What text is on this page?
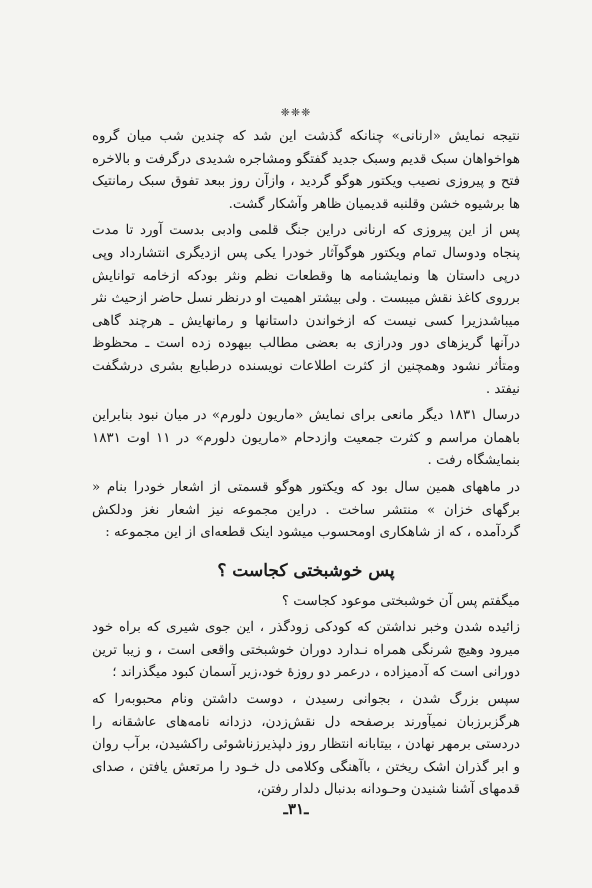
❈❈❈

نتیجه نمایش «ارنانی» چنانکه گذشت این شد که چندین شب میان گروه هواخواهان سبک قدیم وسبک جدید گفتگو ومشاجره شدیدی درگرفت و بالاخره فتح و پیروزی نصیب ویکتور هوگو گردید ، وازآن روز ببعد تفوق سبک رمانتیک ها برشیوه خشن وقلنبه قدیمیان ظاهر وآشکار گشت.

پس از این پیروزی که ارنانی دراین جنگ قلمی وادبی بدست آورد تا مدت پنجاه ودوسال تمام ویکتور هوگوآثار خودرا یکی پس ازدیگری انتشارداد وپی درپی داستان ها ونمایشنامه ها وقطعات نظم ونثر بودکه ازخامه توانایش برروی کاغذ نقش میبست . ولی بیشتر اهمیت او درنظر نسل حاضر ازحیث نثر میباشدزیرا کسی نیست که ازخواندن داستانها و رمانهایش ـ هرچند گاهی درآنها گریزهای دور ودرازی به بعضی مطالب بیهوده زده است ـ محظوظ ومتأثر نشود وهمچنین از کثرت اطلاعات نویسنده درطبایع بشری درشگفت نیفتد .

درسال ۱۸۳۱ دیگر مانعی برای نمایش «ماریون دلورم» در میان نبود بنابراین باهمان مراسم و کثرت جمعیت وازدحام «ماریون دلورم» در ۱۱ اوت ۱۸۳۱ بنمایشگاه رفت .

در ماههای همین سال بود که ویکتور هوگو قسمتی از اشعار خودرا بنام « برگهای خزان » منتشر ساخت . دراین مجموعه نیز اشعار نغز ودلکش گردآمده ، که از شاهکاری اومحسوب میشود اینک قطعه‌ای از این مجموعه :

پس خوشبختی کجاست ؟

میگفتم پس آن خوشبختی موعود کجاست ؟

زائیده شدن وخبر نداشتن که کودکی زودگذر ، این جوی شیری که براه خود میرود وهیچ شرنگی همراه نـدارد دوران خوشبختی واقعی است ، و زیبا ترین دورانی است که آدمیزاده ، درعمر دو روزهٔ خود،زیر آسمان کبود میگذراند ؛

سپس بزرگ شدن ، بجوانی رسیدن ، دوست داشتن ونام محبوبه‌را که هرگزبرزبان نمیآورند برصفحه دل نقش‌زدن، دزدانه نامه‌های عاشقانه را دردستی برمهر نهادن ، بیتابانه انتظار روز دلپذیرزناشوئی راکشیدن، برآب روان و ابر گذران اشک ریختن ، باآهنگی وکلامی دل خـود را مرتعش یافتن ، صدای قدمهای آشنا شنیدن وحـودانه بدنبال دلدار رفتن،

ـ۳۱ـ
